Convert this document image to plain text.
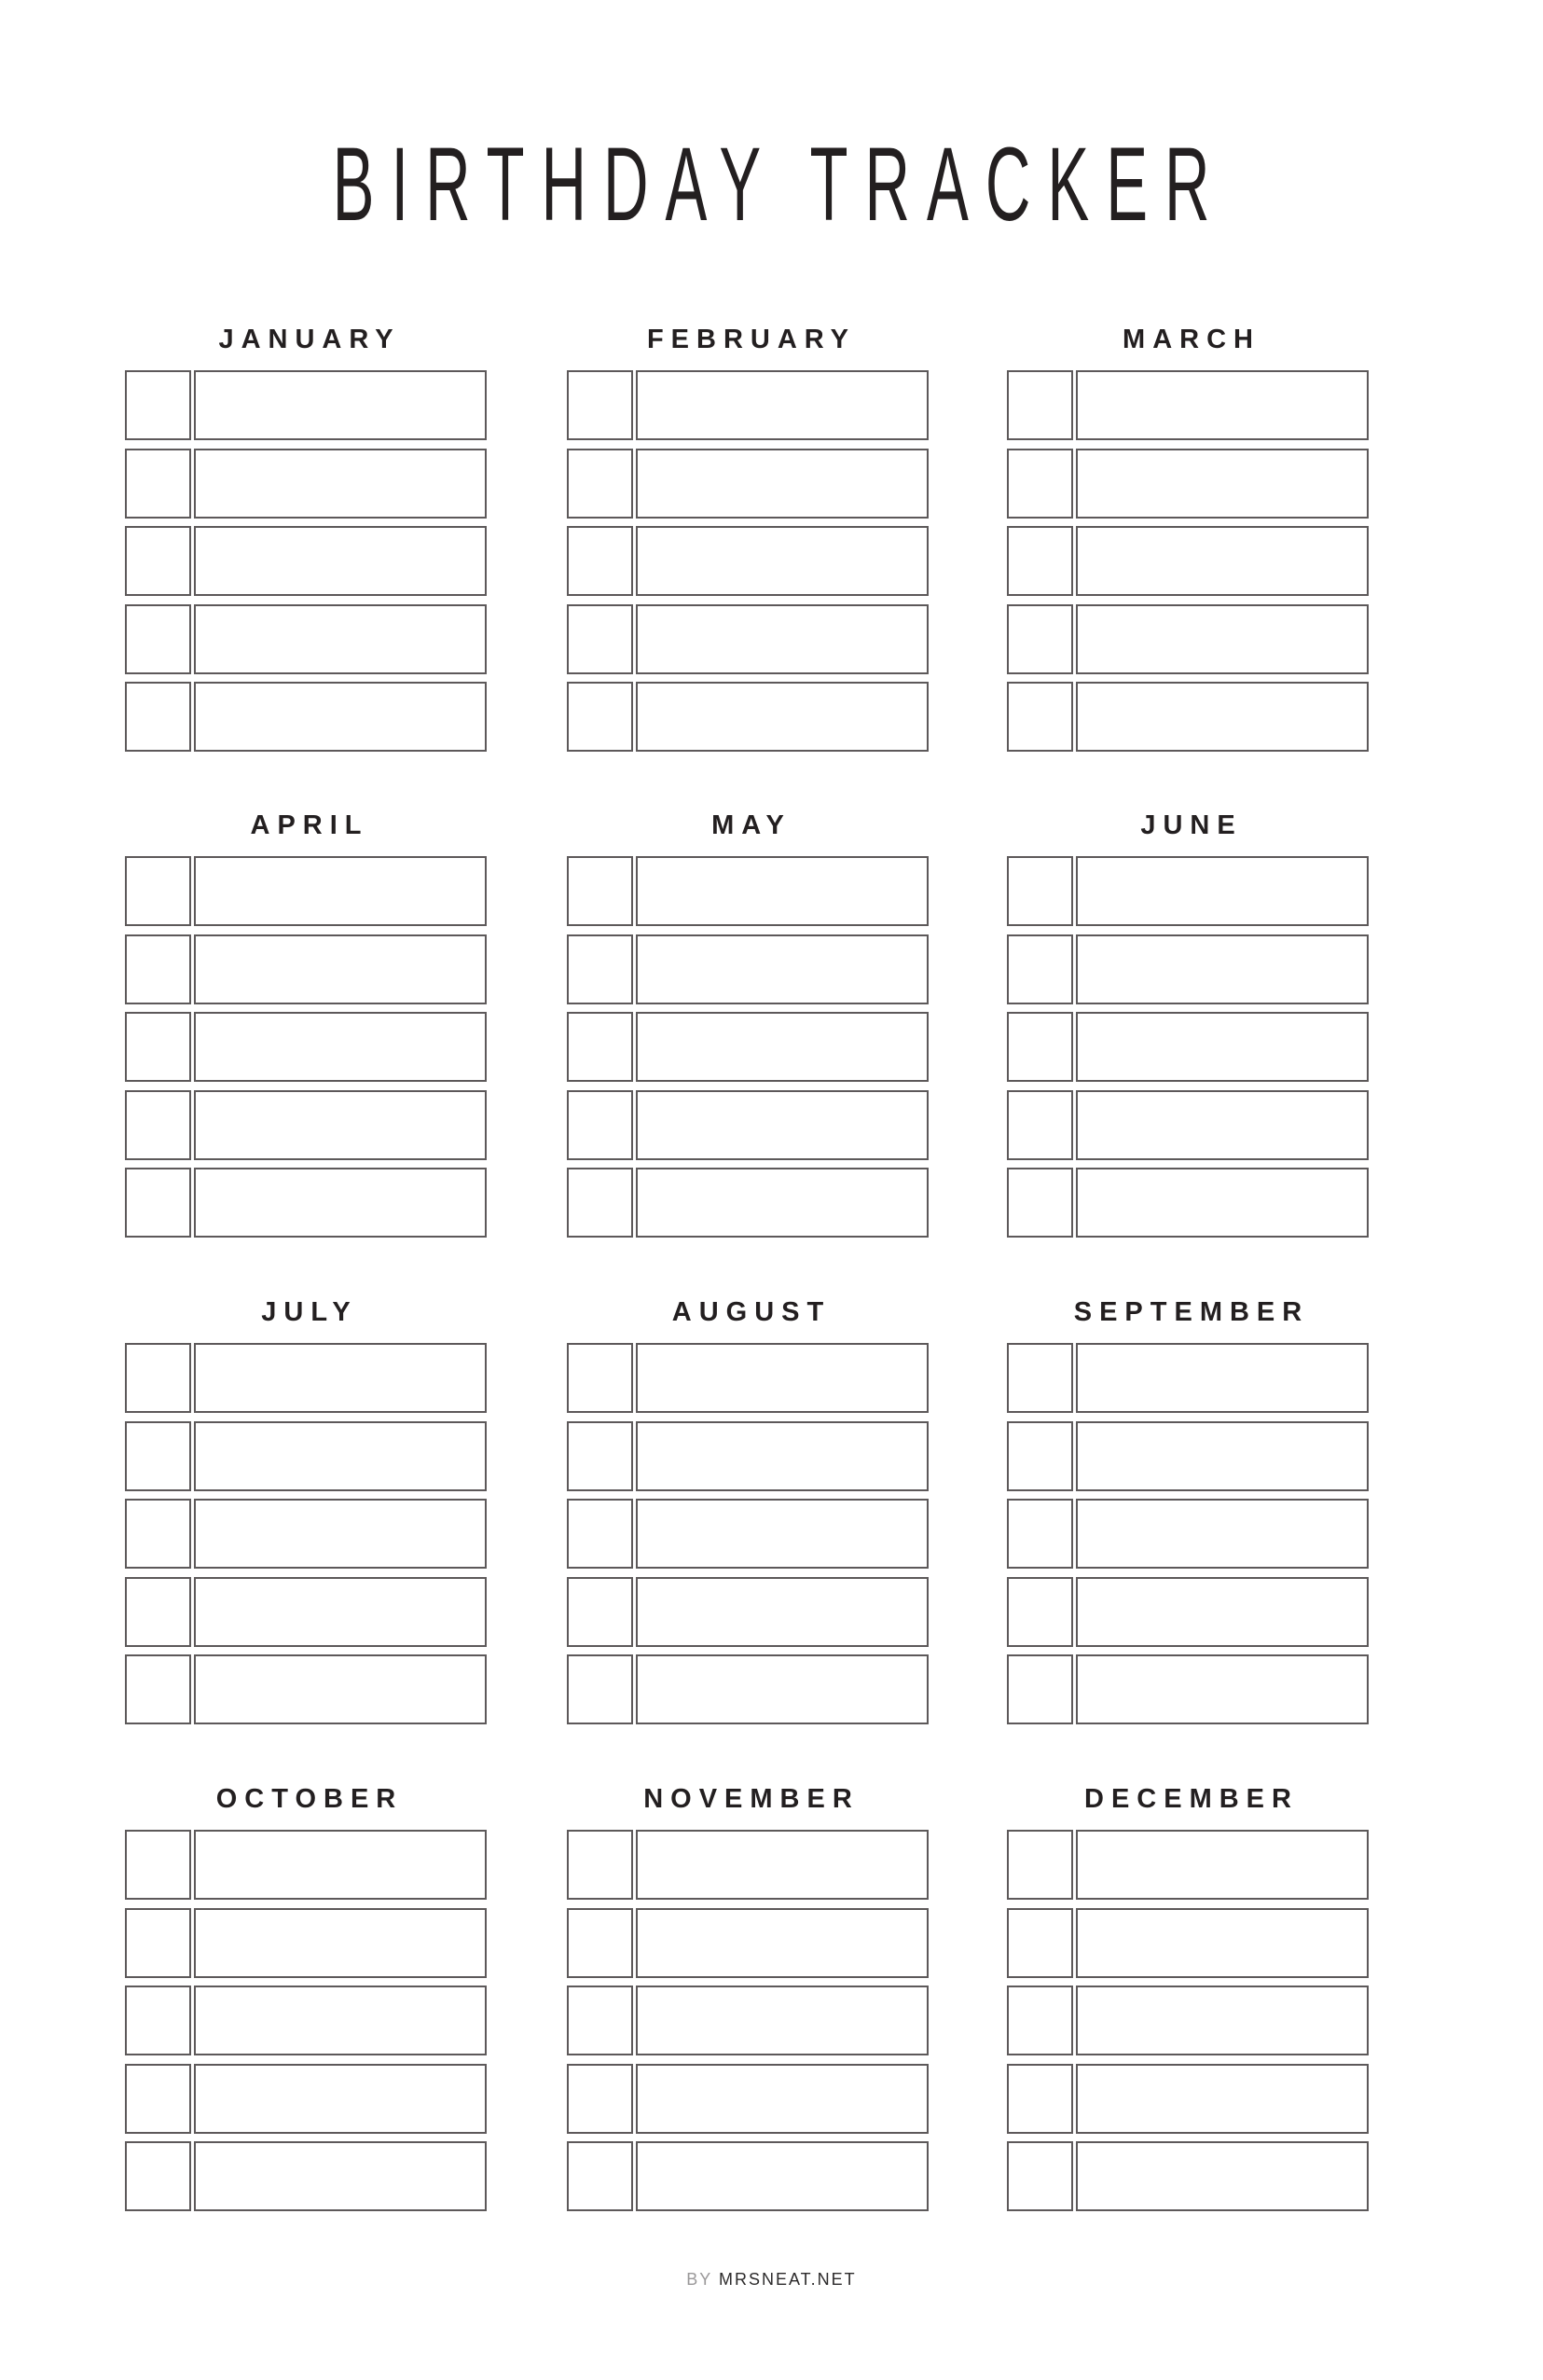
BIRTHDAY TRACKER
JANUARY	FEBRUARY	MARCH
APRIL	MAY	JUNE
JULY	AUGUST	SEPTEMBER
OCTOBER	NOVEMBER	DECEMBER
BY MRSNEAT.NET
